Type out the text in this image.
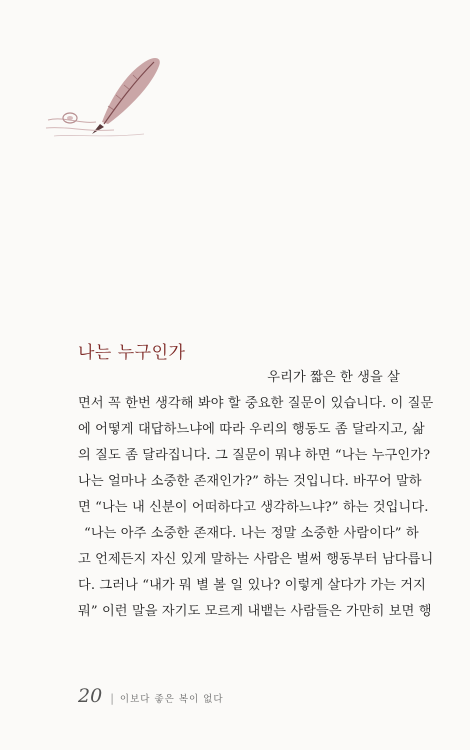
나는 누구인가
우리가 짧은 한 생을 살
면서 꼭 한번 생각해 봐야 할 중요한 질문이 있습니다. 이 질문
에 어떻게 대답하느냐에 따라 우리의 행동도 좀 달라지고, 삶
의 질도 좀 달라집니다. 그 질문이 뭐냐 하면 “나는 누구인가?
나는 얼마나 소중한 존재인가?” 하는 것입니다. 바꾸어 말하
면 “나는 내 신분이 어떠하다고 생각하느냐?” 하는 것입니다.
“나는 아주 소중한 존재다. 나는 정말 소중한 사람이다” 하
고 언제든지 자신 있게 말하는 사람은 벌써 행동부터 남다릅니
다. 그러나 “내가 뭐 별 볼 일 있나? 이렇게 살다가 가는 거지
뭐” 이런 말을 자기도 모르게 내뱉는 사람들은 가만히 보면 행
20 | 이보다 좋은 복이 없다
